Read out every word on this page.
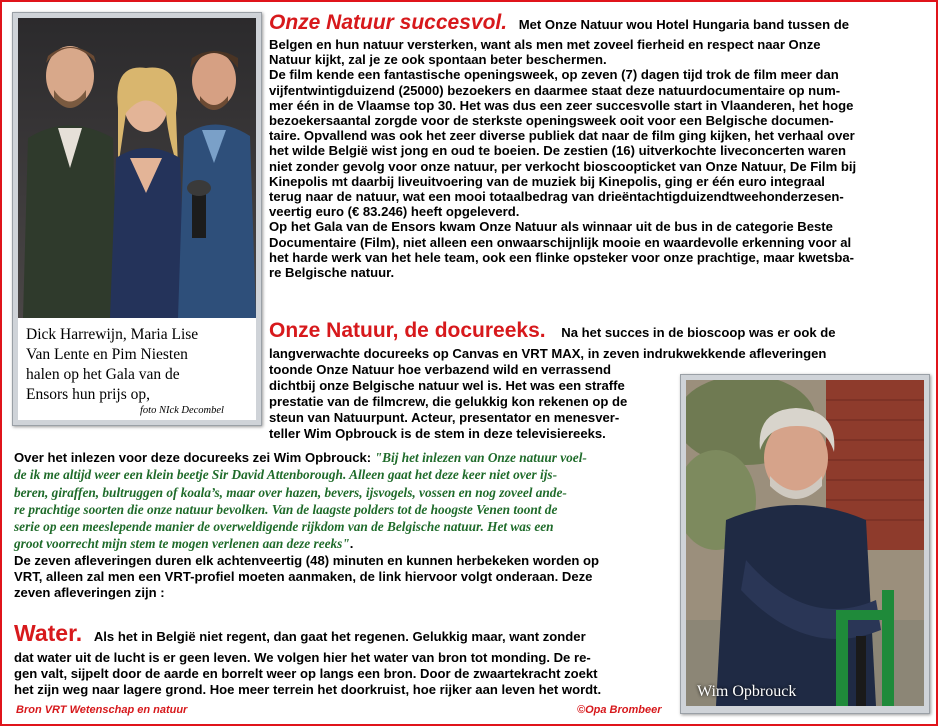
Dick Harrewijn, Maria Lise
Van Lente en Pim Niesten
halen op het Gala van de
Ensors hun prijs op,
foto NIck Decombel
Wim Opbrouck

Onze Natuur succesvol. Met Onze Natuur wou Hotel Hungaria band tussen de

Belgen en hun natuur versterken, want als men met zoveel fierheid en respect naar Onze

Natuur kijkt, zal je ze ook spontaan beter beschermen.

De film kende een fantastische openingsweek, op zeven (7) dagen tijd trok de film meer dan

vijfentwintigduizend (25000) bezoekers en daarmee staat deze natuurdocumentaire op num-

mer één in de Vlaamse top 30. Het was dus een zeer succesvolle start in Vlaanderen, het hoge

bezoekersaantal zorgde voor de sterkste openingsweek ooit voor een Belgische documen-

taire. Opvallend was ook het zeer diverse publiek dat naar de film ging kijken, het verhaal over

het wilde België wist jong en oud te boeien. De zestien (16) uitverkochte liveconcerten waren

niet zonder gevolg voor onze natuur, per verkocht bioscoopticket van Onze Natuur, De Film bij

Kinepolis mt daarbij liveuitvoering van de muziek bij Kinepolis, ging er één euro integraal

terug naar de natuur, wat een mooi totaalbedrag van drieëntachtigduizendtweehonderzesen-

veertig euro (€ 83.246) heeft opgeleverd.

Op het Gala van de Ensors kwam Onze Natuur als winnaar uit de bus in de categorie Beste

Documentaire (Film), niet alleen een onwaarschijnlijk mooie en waardevolle erkenning voor al

het harde werk van het hele team, ook een flinke opsteker voor onze prachtige, maar kwetsba-

re Belgische natuur.

Onze Natuur, de docureeks. Na het succes in de bioscoop was er ook de

langverwachte docureeks op Canvas en VRT MAX, in zeven indrukwekkende afleveringen

toonde Onze Natuur hoe verbazend wild en verrassend

dichtbij onze Belgische natuur wel is. Het was een straffe

prestatie van de filmcrew, die gelukkig kon rekenen op de

steun van Natuurpunt. Acteur, presentator en menesver-

teller Wim Opbrouck is de stem in deze televisiereeks.

Over het inlezen voor deze docureeks zei Wim Opbrouck: "Bij het inlezen van Onze natuur voel-

de ik me altijd weer een klein beetje Sir David Attenborough. Alleen gaat het deze keer niet over ijs-

beren, giraffen, bultruggen of koala’s, maar over hazen, bevers, ijsvogels, vossen en nog zoveel ande-

re prachtige soorten die onze natuur bevolken. Van de laagste polders tot de hoogste Venen toont de

serie op een meeslepende manier de overweldigende rijkdom van de Belgische natuur. Het was een

groot voorrecht mijn stem te mogen verlenen aan deze reeks".

De zeven afleveringen duren elk achtenveertig (48) minuten en kunnen herbekeken worden op

VRT, alleen zal men een VRT-profiel moeten aanmaken, de link hiervoor volgt onderaan. Deze

zeven afleveringen zijn :

Water. Als het in België niet regent, dan gaat het regenen. Gelukkig maar, want zonder

dat water uit de lucht is er geen leven. We volgen hier het water van bron tot monding. De re-

gen valt, sijpelt door de aarde en borrelt weer op langs een bron. Door de zwaartekracht zoekt

het zijn weg naar lagere grond. Hoe meer terrein het doorkruist, hoe rijker aan leven het wordt.

Bron VRT Wetenschap en natuur	©Opa Brombeer
